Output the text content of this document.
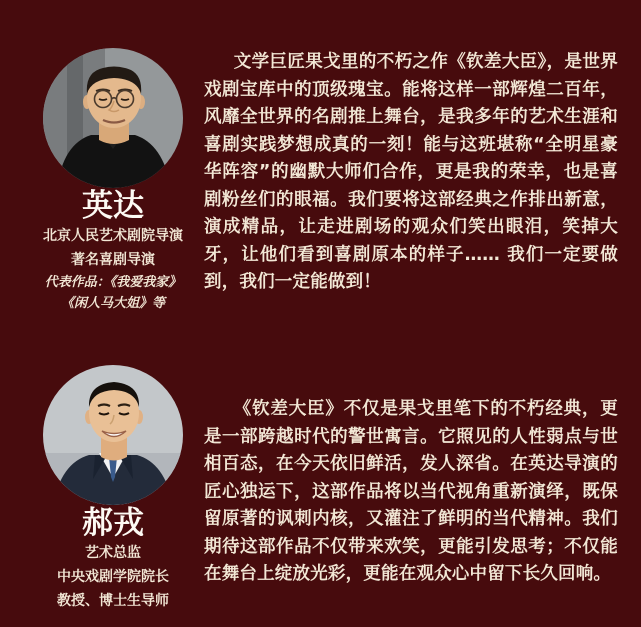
英达
北京人民艺术剧院导演
著名喜剧导演
代表作品：《我爱我家》
《闲人马大姐》等

文学巨匠果戈里的不朽之作《钦差大臣》，是世界戏剧宝库中的顶级瑰宝。能将这样一部辉煌二百年，风靡全世界的名剧推上舞台，是我多年的艺术生涯和喜剧实践梦想成真的一刻！能与这班堪称“全明星豪华阵容”的幽默大师们合作，更是我的荣幸，也是喜剧粉丝们的眼福。我们要将这部经典之作排出新意，演成精品，让走进剧场的观众们笑出眼泪，笑掉大牙，让他们看到喜剧原本的样子…… 我们一定要做到，我们一定能做到！

郝戎
艺术总监
中央戏剧学院院长
教授、博士生导师

《钦差大臣》不仅是果戈里笔下的不朽经典，更是一部跨越时代的警世寓言。它照见的人性弱点与世相百态，在今天依旧鲜活，发人深省。在英达导演的匠心独运下，这部作品将以当代视角重新演绎，既保留原著的讽刺内核，又灌注了鲜明的当代精神。我们期待这部作品不仅带来欢笑，更能引发思考；不仅能在舞台上绽放光彩，更能在观众心中留下长久回响。
